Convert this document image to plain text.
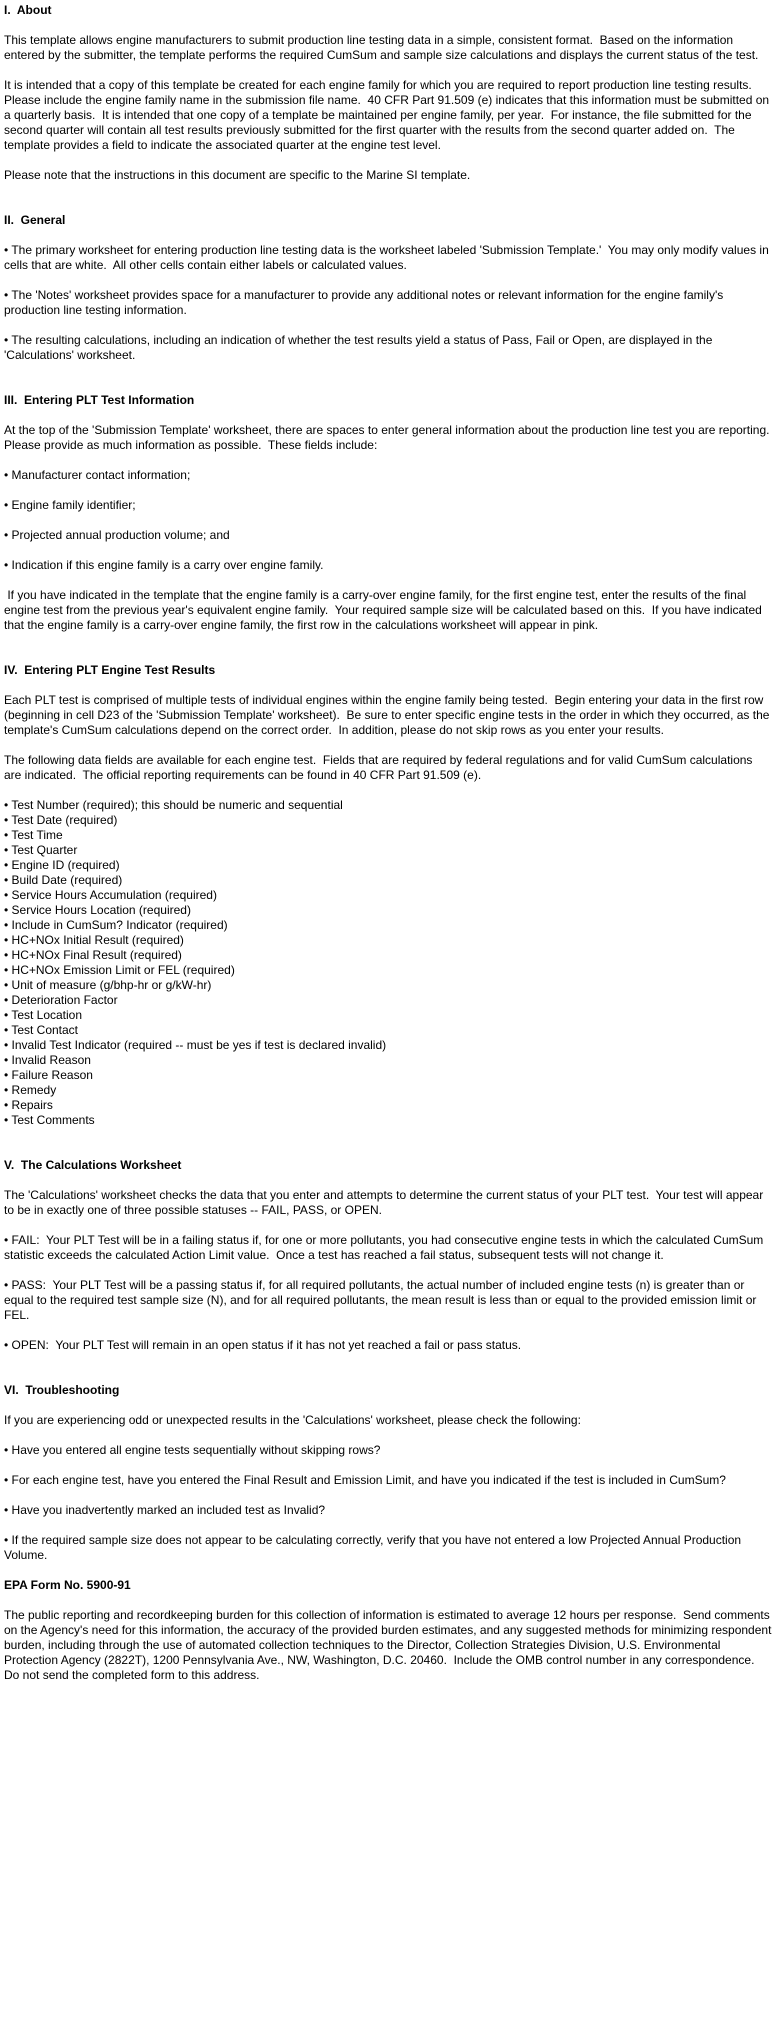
I.  About

This template allows engine manufacturers to submit production line testing data in a simple, consistent format.  Based on the information entered by the submitter, the template performs the required CumSum and sample size calculations and displays the current status of the test.

It is intended that a copy of this template be created for each engine family for which you are required to report production line testing results.  Please include the engine family name in the submission file name.  40 CFR Part 91.509 (e) indicates that this information must be submitted on a quarterly basis.  It is intended that one copy of a template be maintained per engine family, per year.  For instance, the file submitted for the second quarter will contain all test results previously submitted for the first quarter with the results from the second quarter added on.  The template provides a field to indicate the associated quarter at the engine test level.

Please note that the instructions in this document are specific to the Marine SI template.

II.  General

• The primary worksheet for entering production line testing data is the worksheet labeled 'Submission Template.'  You may only modify values in cells that are white.  All other cells contain either labels or calculated values.

• The 'Notes' worksheet provides space for a manufacturer to provide any additional notes or relevant information for the engine family's production line testing information.

• The resulting calculations, including an indication of whether the test results yield a status of Pass, Fail or Open, are displayed in the 'Calculations' worksheet.

III.  Entering PLT Test Information

At the top of the 'Submission Template' worksheet, there are spaces to enter general information about the production line test you are reporting.  Please provide as much information as possible.  These fields include:

• Manufacturer contact information;

• Engine family identifier;

• Projected annual production volume; and

• Indication if this engine family is a carry over engine family.

If you have indicated in the template that the engine family is a carry-over engine family, for the first engine test, enter the results of the final engine test from the previous year's equivalent engine family.  Your required sample size will be calculated based on this.  If you have indicated that the engine family is a carry-over engine family, the first row in the calculations worksheet will appear in pink.

IV.  Entering PLT Engine Test Results

Each PLT test is comprised of multiple tests of individual engines within the engine family being tested.  Begin entering your data in the first row (beginning in cell D23 of the 'Submission Template' worksheet).  Be sure to enter specific engine tests in the order in which they occurred, as the template's CumSum calculations depend on the correct order.  In addition, please do not skip rows as you enter your results.

The following data fields are available for each engine test.  Fields that are required by federal regulations and for valid CumSum calculations are indicated.  The official reporting requirements can be found in 40 CFR Part 91.509 (e).

• Test Number (required); this should be numeric and sequential
• Test Date (required)
• Test Time
• Test Quarter
• Engine ID (required)
• Build Date (required)
• Service Hours Accumulation (required)
• Service Hours Location (required)
• Include in CumSum? Indicator (required)
• HC+NOx Initial Result (required)
• HC+NOx Final Result (required)
• HC+NOx Emission Limit or FEL (required)
• Unit of measure (g/bhp-hr or g/kW-hr)
• Deterioration Factor
• Test Location
• Test Contact
• Invalid Test Indicator (required -- must be yes if test is declared invalid)
• Invalid Reason
• Failure Reason
• Remedy
• Repairs
• Test Comments
V.  The Calculations Worksheet

The 'Calculations' worksheet checks the data that you enter and attempts to determine the current status of your PLT test.  Your test will appear to be in exactly one of three possible statuses -- FAIL, PASS, or OPEN.

• FAIL:  Your PLT Test will be in a failing status if, for one or more pollutants, you had consecutive engine tests in which the calculated CumSum statistic exceeds the calculated Action Limit value.  Once a test has reached a fail status, subsequent tests will not change it.

• PASS:  Your PLT Test will be a passing status if, for all required pollutants, the actual number of included engine tests (n) is greater than or equal to the required test sample size (N), and for all required pollutants, the mean result is less than or equal to the provided emission limit or FEL.

• OPEN:  Your PLT Test will remain in an open status if it has not yet reached a fail or pass status.

VI.  Troubleshooting

If you are experiencing odd or unexpected results in the 'Calculations' worksheet, please check the following:

• Have you entered all engine tests sequentially without skipping rows?

• For each engine test, have you entered the Final Result and Emission Limit, and have you indicated if the test is included in CumSum?

• Have you inadvertently marked an included test as Invalid?

• If the required sample size does not appear to be calculating correctly, verify that you have not entered a low Projected Annual Production Volume.

EPA Form No. 5900-91

The public reporting and recordkeeping burden for this collection of information is estimated to average 12 hours per response.  Send comments on the Agency's need for this information, the accuracy of the provided burden estimates, and any suggested methods for minimizing respondent burden, including through the use of automated collection techniques to the Director, Collection Strategies Division, U.S. Environmental Protection Agency (2822T), 1200 Pennsylvania Ave., NW, Washington, D.C. 20460.  Include the OMB control number in any correspondence.  Do not send the completed form to this address.
